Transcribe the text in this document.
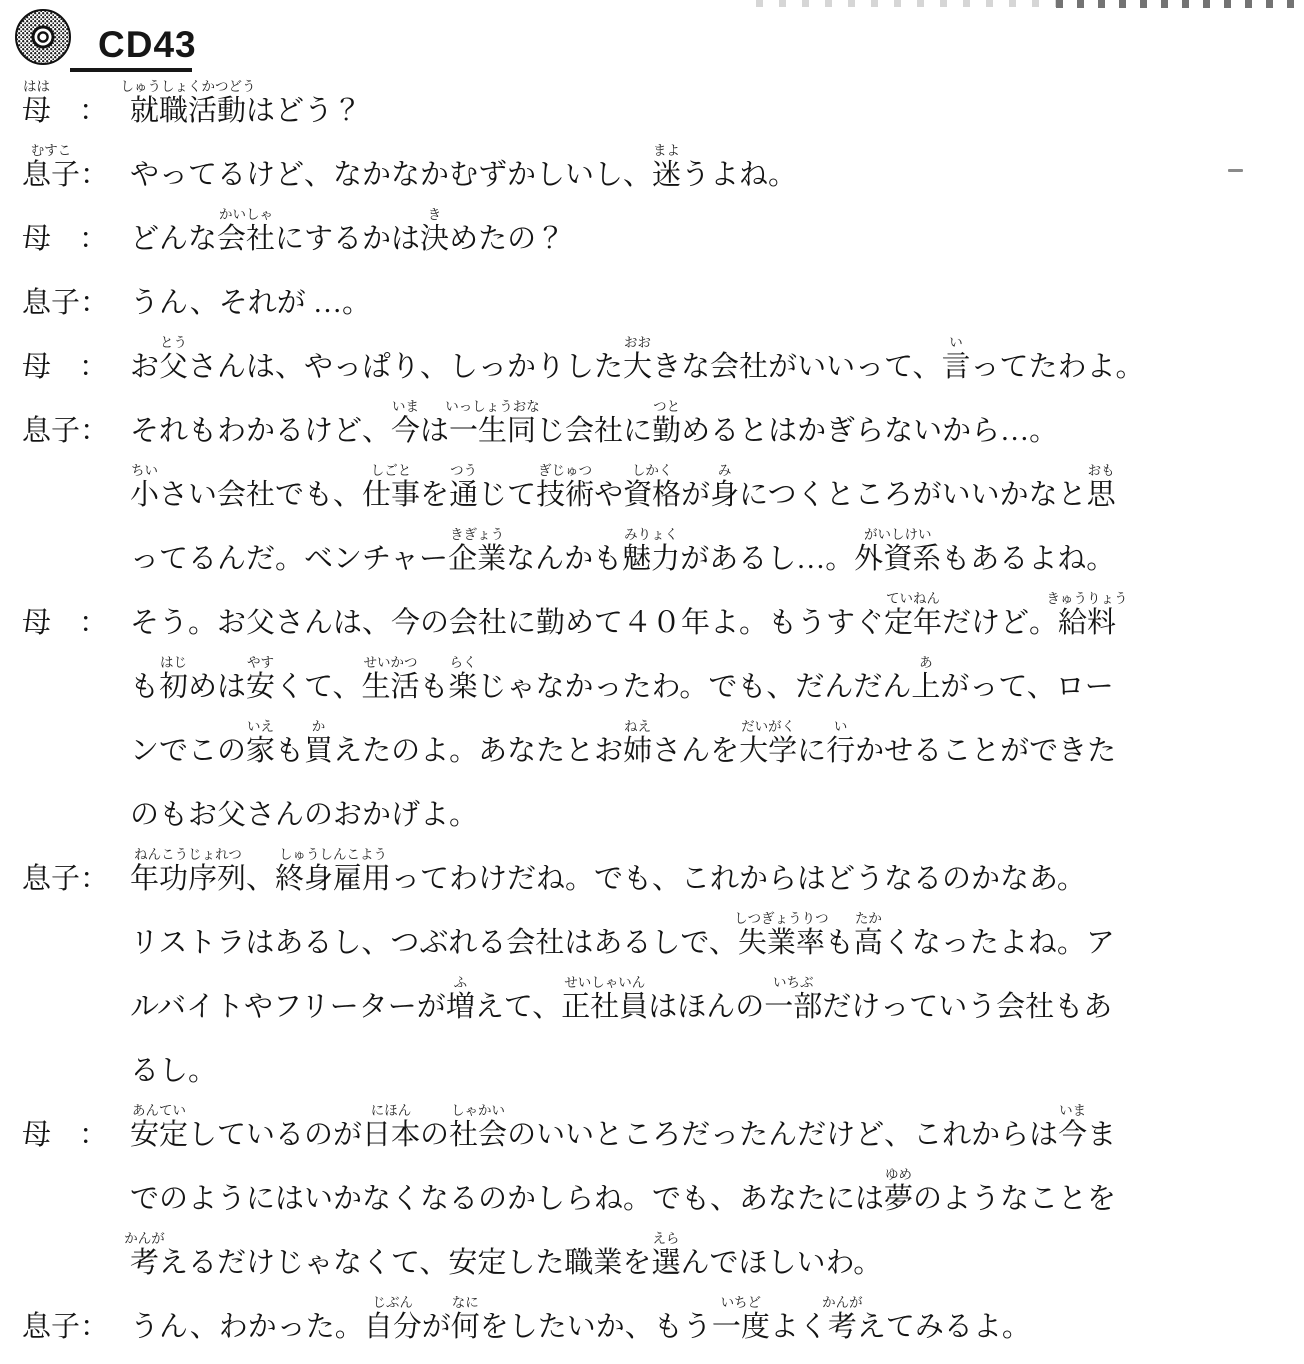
CD43
母
はは
： 就職活動
しゅうしょくかつどう
はどう？
息子
むすこ
： やってるけど、なかなかむずかしいし、迷
まよ
うよね。
母 ： どんな会社
かいしゃ
にするかは決
き
めたの？
息子 ： うん、それが …。
母 ： お父
とう
さんは、やっぱり、しっかりした大
おお
きな会社がいいって、言
い
ってたわよ。
息子 ： それもわかるけど、今
いま
は一生同
いっしょうおな
じ会社に勤
つと
めるとはかぎらないから…。
小
ちい
さい会社でも、仕事
しごと
を通
つう
じて技術
ぎじゅつ
や資格
しかく
が身
み
につくところがいいかなと思
おも
ってるんだ。ベンチャー企業
きぎょう
なんかも魅力
みりょく
があるし…。外資系
がいしけい
もあるよね。
母 ： そう。お父さんは、今の会社に勤めて４０年よ。もうすぐ定年
ていねん
だけど。給料
きゅうりょう
も初
はじ
めは安
やす
くて、生活
せいかつ
も楽
らく
じゃなかったわ。でも、だんだん上
あ
がって、ロー
ンでこの家
いえ
も買
か
えたのよ。あなたとお姉
ねえ
さんを大学
だいがく
に行
い
かせることができた
のもお父さんのおかげよ。
息子 ： 年功序列
ねんこうじょれつ
、終身雇用
しゅうしんこよう
ってわけだね。でも、これからはどうなるのかなあ。
リストラはあるし、つぶれる会社はあるしで、失業率
しつぎょうりつ
も高
たか
くなったよね。ア
ルバイトやフリーターが増
ふ
えて、正社員
せいしゃいん
はほんの一部
いちぶ
だけっていう会社もあ
るし。
母 ： 安定
あんてい
しているのが日本
にほん
の社会
しゃかい
のいいところだったんだけど、これからは今
いま
ま
でのようにはいかなくなるのかしらね。でも、あなたには夢
ゆめ
のようなことを
考
かんが
えるだけじゃなくて、安定した職業を選
えら
んでほしいわ。
息子 ： うん、わかった。自分
じぶん
が何
なに
をしたいか、もう一度
いちど
よく考
かんが
えてみるよ。
